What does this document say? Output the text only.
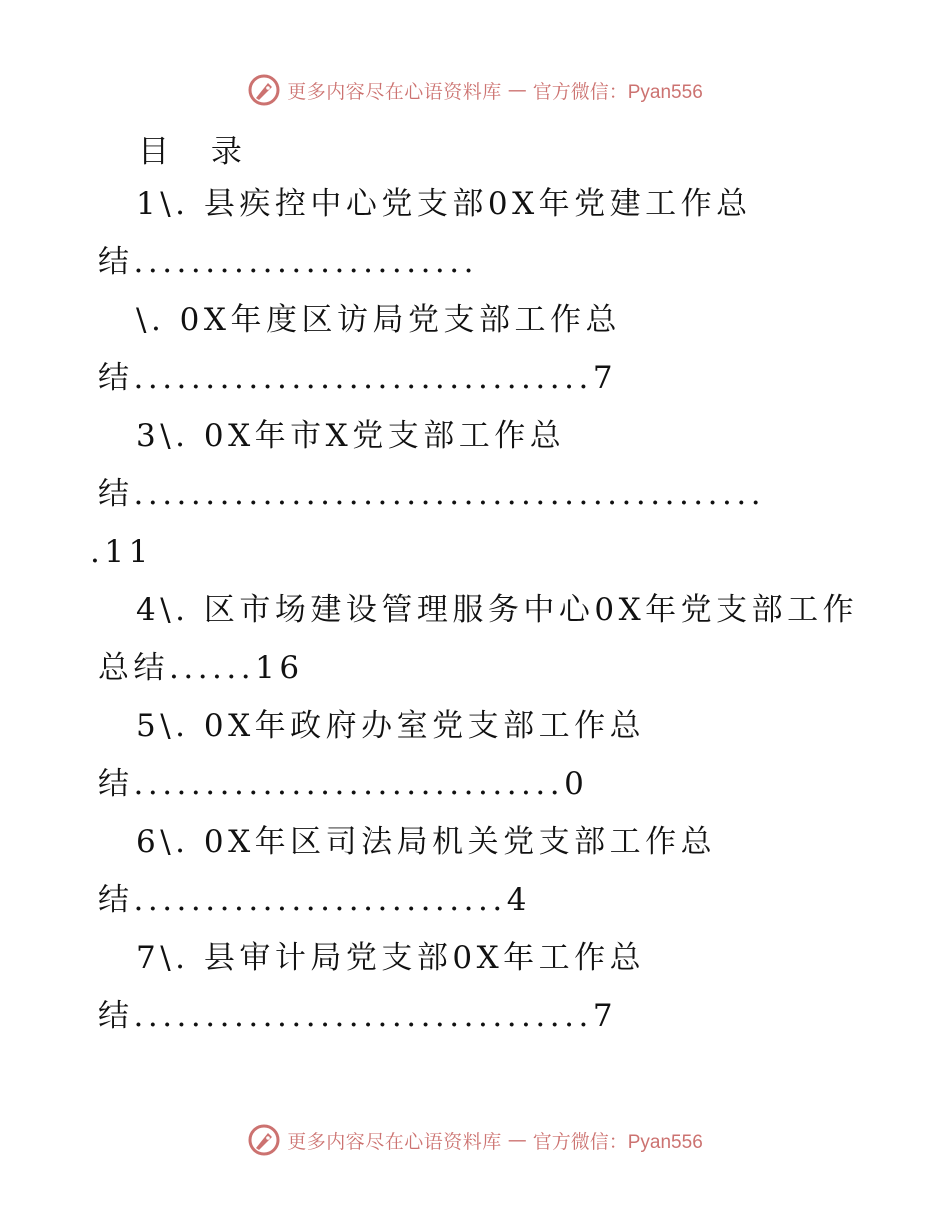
更多内容尽在心语资料库 — 官方微信：Pyan556
目 录
1\. 县疾控中心党支部0X年党建工作总
结........................
\. 0X年度区访局党支部工作总
结................................7
3\. 0X年市X党支部工作总
结............................................
.11
4\. 区市场建设管理服务中心0X年党支部工作
总结......16
5\. 0X年政府办室党支部工作总
结..............................0
6\. 0X年区司法局机关党支部工作总
结..........................4
7\. 县审计局党支部0X年工作总
结................................7
更多内容尽在心语资料库 — 官方微信：Pyan556
